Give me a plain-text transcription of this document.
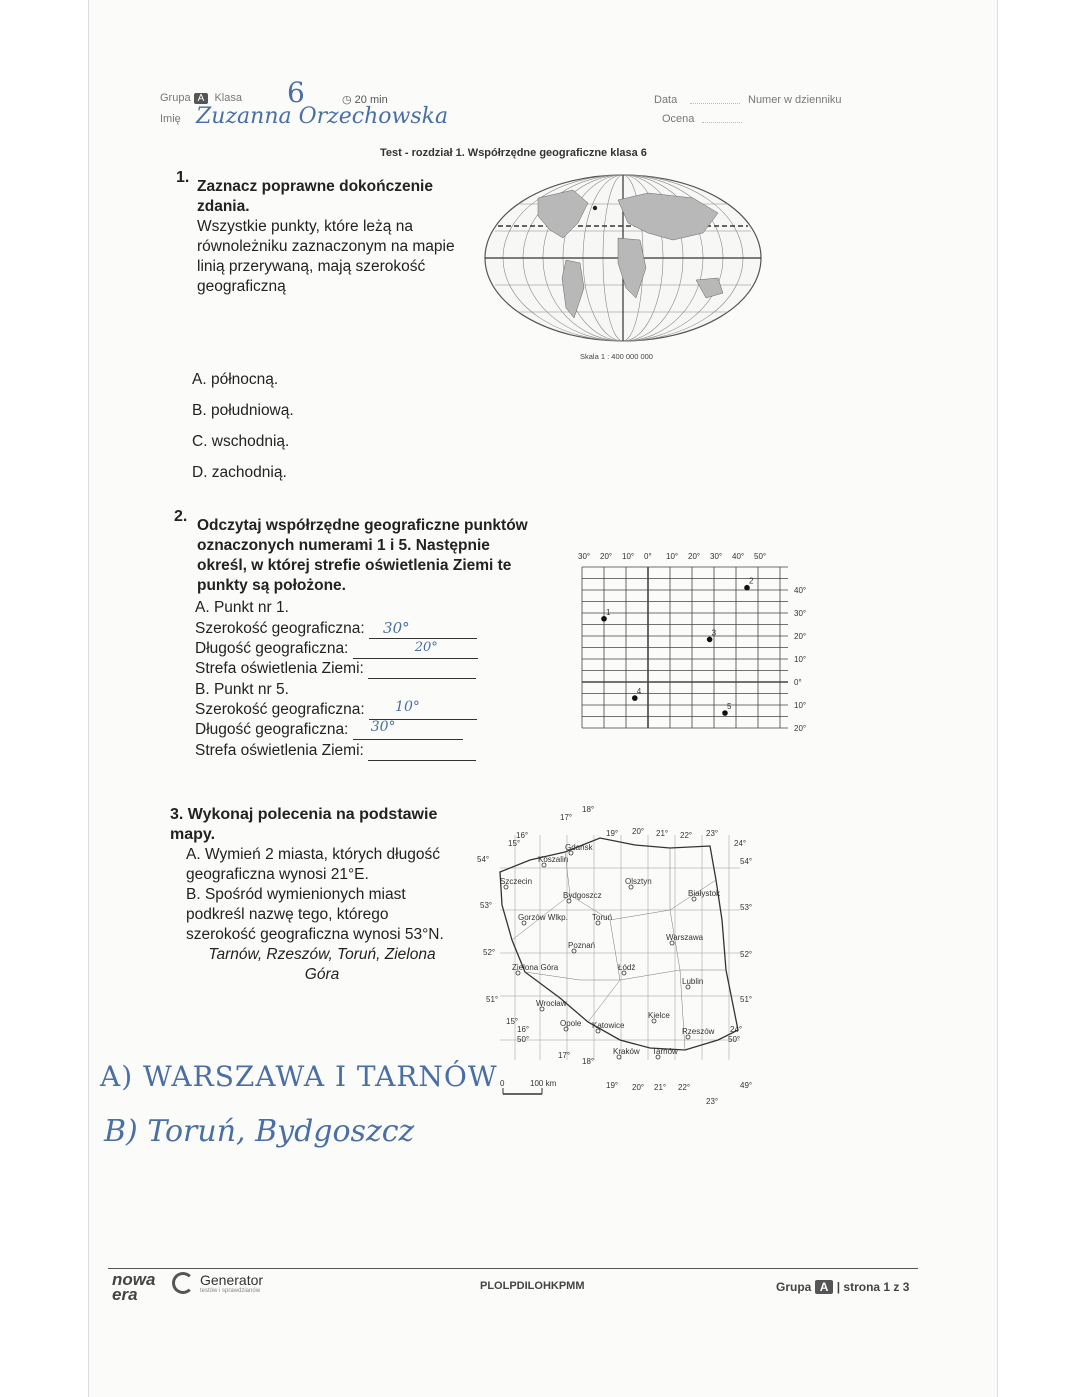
Grupa A Klasa 6	◷ 20 min
Imię Zuzanna Orzechowska
Data
Ocena
Numer w dzienniku
Test - rozdział 1. Współrzędne geograficzne klasa 6
1.
Zaznacz poprawne dokończenie zdania.
Wszystkie punkty, które leżą na równoleżniku zaznaczonym na mapie linią przerywaną, mają szerokość geograficzną
Skala 1 : 400 000 000
A. północną.
B. południową.
C. wschodnią.
D. zachodnią.
2.
Odczytaj współrzędne geograficzne punktów oznaczonych numerami 1 i 5. Następnie określ, w której strefie oświetlenia Ziemi te punkty są położone.
A. Punkt nr 1.
Szerokość geograficzna: 30°
Długość geograficzna:	20°
Strefa oświetlenia Ziemi:
B. Punkt nr 5.
Szerokość geograficzna: 10°
Długość geograficzna: 30°
Strefa oświetlenia Ziemi:
30° 20° 10° 0° 10° 20° 30° 40° 50°
40°
30°
20°
10°
0°
10°
20°
1
2
3
4
5
3. Wykonaj polecenia na podstawie mapy.
A. Wymień 2 miasta, których długość geograficzna wynosi 21°E.
B. Spośród wymienionych miast podkreśl nazwę tego, którego szerokość geograficzna wynosi 53°N.
Tarnów, Rzeszów, Toruń, Zielona Góra
Gdańsk
Koszalin
Szczecin	Olsztyn
Bydgoszcz
Toruń
Białystok
Gorzów Wlkp.
Poznań
Warszawa
Zielona Góra	Łódź
Lublin
Wrocław
Kielce
Opole Katowice
Rzeszów
Kraków Tarnów
17°
18°
15°
16°	19° 20° 21° 22° 23°
24°
54°
53°
52°
51°
54°
53°
52°
51°
49°
15°
16°
50°
17°
18°
19° 20° 21° 22°
23°
24°
50°
0	100 km
A) WARSZAWA I TARNÓW
B) Toruń, Bydgoszcz
nowa era
Generator
testów i sprawdzianów	PLOLPDILOHKPMM	Grupa A | strona 1 z 3
